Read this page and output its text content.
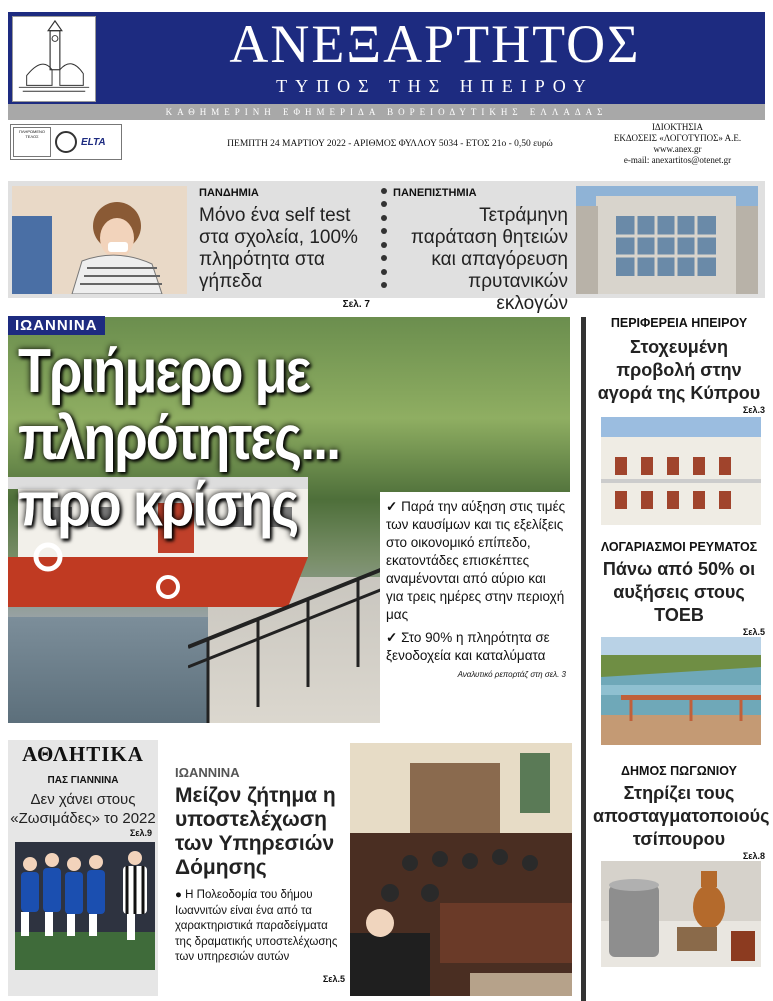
ΑΝΕΞΑΡΤΗΤΟΣ
ΤΥΠΟΣ ΤΗΣ ΗΠΕΙΡΟΥ
ΚΑΘΗΜΕΡΙΝΗ ΕΦΗΜΕΡΙΔΑ ΒΟΡΕΙΟΔΥΤΙΚΗΣ ΕΛΛΑΔΑΣ
ΠΛΗΡΩΜΕΝΟ ΤΕΛΟΣ	ELTA	ΠΕΜΠΤΗ 24 ΜΑΡΤΙΟΥ 2022 - ΑΡΙΘΜΟΣ ΦΥΛΛΟΥ 5034 - ΕΤΟΣ 21ο - 0,50 ευρώ
ΙΔΙΟΚΤΗΣΙΑ
ΕΚΔΟΣΕΙΣ «ΛΟΓΟΤΥΠΟΣ» Α.Ε.
www.anex.gr
e-mail: anexartitos@otenet.gr
ΠΑΝΔΗΜΙΑ
Μόνο ένα self test στα σχολεία, 100% πληρότητα στα γήπεδα
Σελ. 7
ΠΑΝΕΠΙΣΤΗΜΙΑ
Τετράμηνη παράταση θητειών και απαγόρευση πρυτανικών εκλογών
ΙΩΑΝΝΙΝΑ
Τριήμερο με πληρότητες...
προ κρίσης	✓ Παρά την αύξηση στις τιμές των καυσίμων και τις εξελίξεις στο οικονομικό επίπεδο, εκατοντάδες επισκέπτες αναμένονται από αύριο και για τρεις ημέρες στην περιοχή μας
✓ Στο 90% η πληρότητα σε ξενοδοχεία και καταλύματα
Αναλυτικό ρεπορτάζ στη σελ. 3
ΠΕΡΙΦΕΡΕΙΑ ΗΠΕΙΡΟΥ
Στοχευμένη προβολή στην αγορά της Κύπρου
Σελ.3
ΛΟΓΑΡΙΑΣΜΟΙ ΡΕΥΜΑΤΟΣ
Πάνω από 50% οι αυξήσεις στους ΤΟΕΒ
Σελ.5
ΔΗΜΟΣ ΠΩΓΩΝΙΟΥ
Στηρίζει τους αποσταγματοποιούς τσίπουρου
Σελ.8
ΑΘΛΗΤΙΚΑ
ΠΑΣ ΓΙΑΝΝΙΝΑ
Δεν χάνει στους «Ζωσιμάδες» το 2022
Σελ.9
ΙΩΑΝΝΙΝΑ
Μείζον ζήτημα η υποστελέχωση των Υπηρεσιών Δόμησης
● Η Πολεοδομία του δήμου Ιωαννιτών είναι ένα από τα χαρακτηριστικά παραδείγματα της δραματικής υποστελέχωσης των υπηρεσιών αυτών
Σελ.5
